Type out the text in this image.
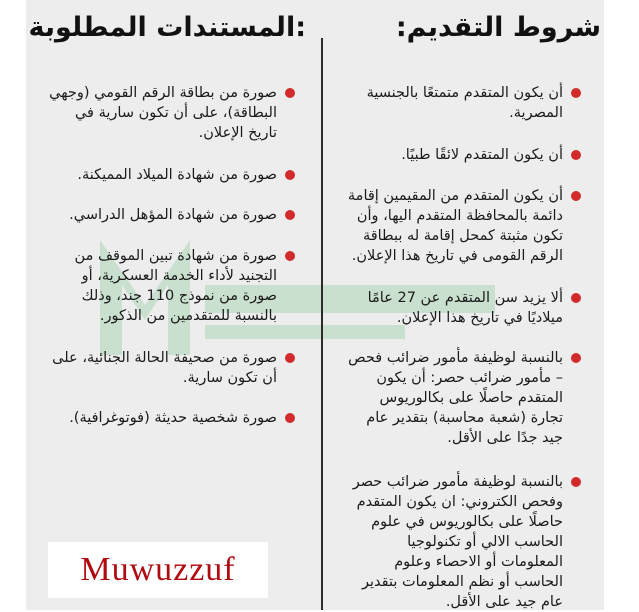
شروط التقديم:
:المستندات المطلوبة
أن يكون المتقدم متمتعًا بالجنسية المصرية.
أن يكون المتقدم لائقًا طبيًا.
أن يكون المتقدم من المقيمين إقامة دائمة بالمحافظة المتقدم اليها، وأن تكون مثبتة كمحل إقامة له ببطاقة الرقم القومى في تاريخ هذا الإعلان.
ألا يزيد سن المتقدم عن 27 عامًا ميلاديًا في تاريخ هذا الإعلان.
بالنسبة لوظيفة مأمور ضرائب فحص – مأمور ضرائب حصر: أن يكون المتقدم حاصلًا على بكالوريوس تجارة (شعبة محاسبة) بتقدير عام جيد جدًا على الأقل.
بالنسبة لوظيفة مأمور ضرائب حصر وفحص الكتروني: ان يكون المتقدم حاصلًا على بكالوريوس في علوم الحاسب الالي أو تكنولوجيا المعلومات أو الاحصاء وعلوم الحاسب أو نظم المعلومات بتقدير عام جيد على الأقل.
صورة من بطاقة الرقم القومي (وجهي البطاقة)، على أن تكون سارية في تاريخ الإعلان.
صورة من شهادة الميلاد المميكنة.
صورة من شهادة المؤهل الدراسي.
صورة من شهادة تبين الموقف من التجنيد لأداء الخدمة العسكرية، أو صورة من نموذج 110 جند، وذلك بالنسبة للمتقدمين من الذكور.
صورة من صحيفة الحالة الجنائية، على أن تكون سارية.
صورة شخصية حديثة (فوتوغرافية).
Muwuzzuf
